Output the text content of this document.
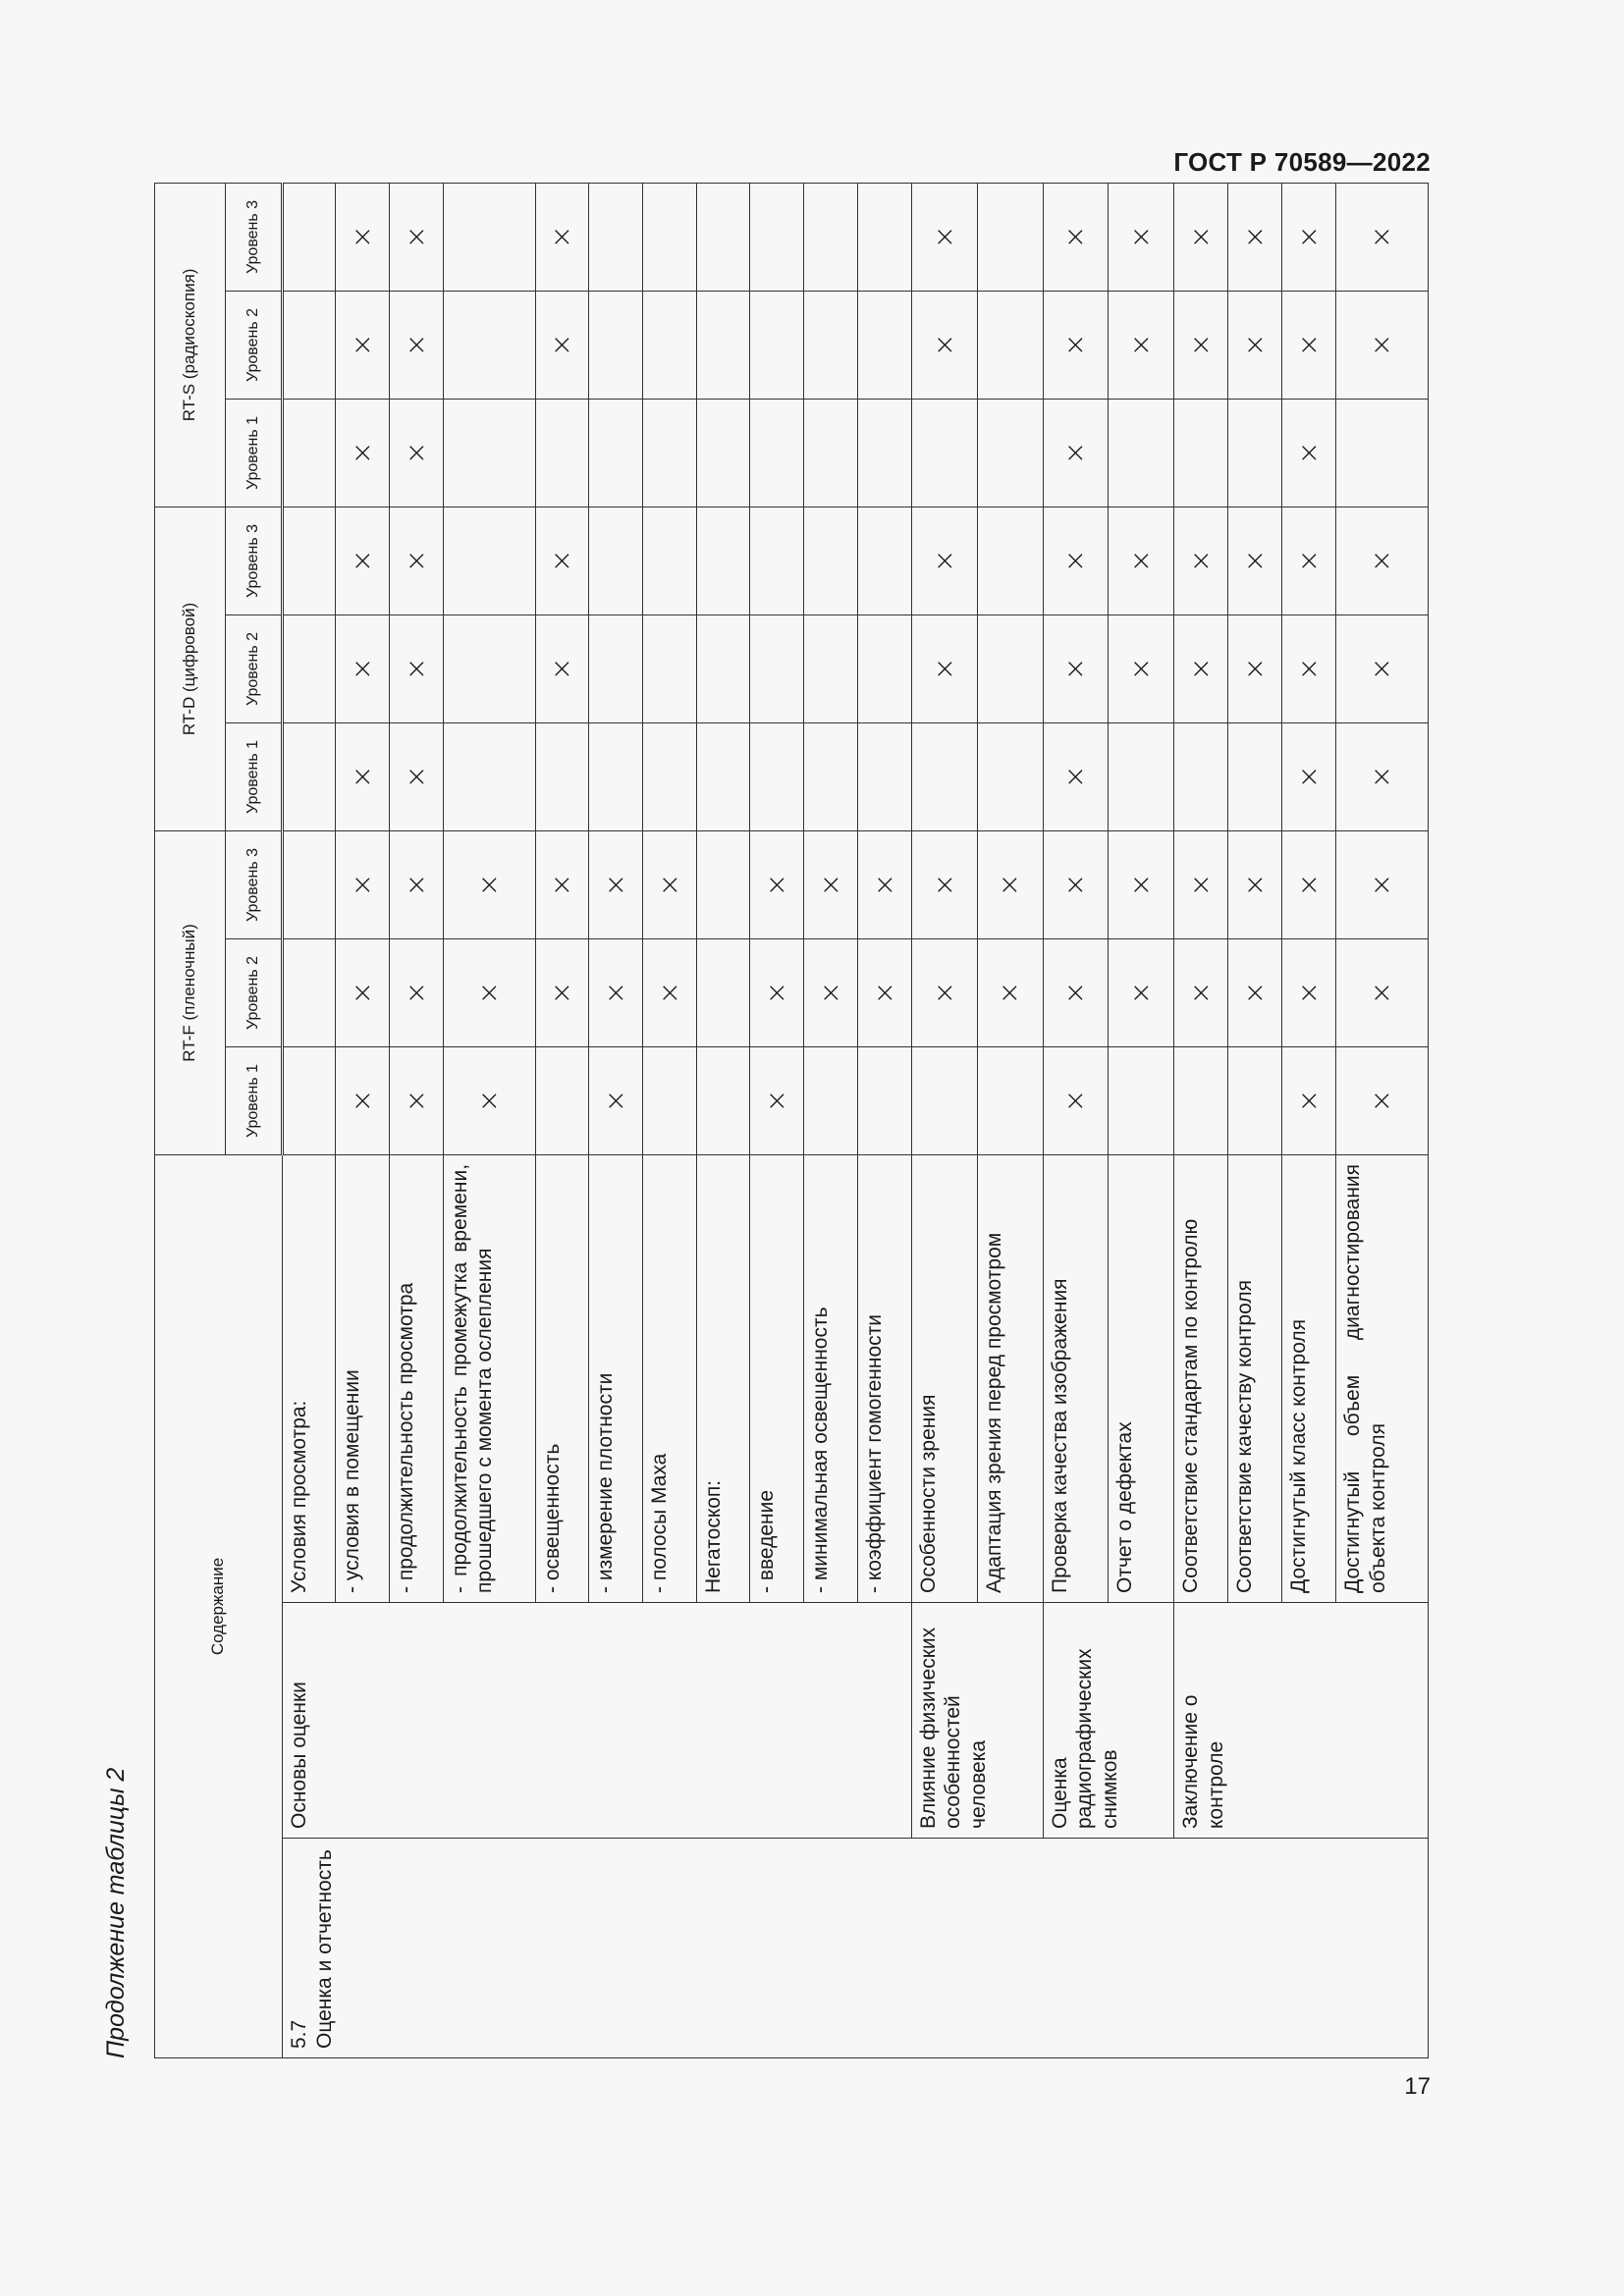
ГОСТ Р 70589—2022
17
Продолжение таблицы 2
Содержание			RT-F (пленочный)			RT-D (цифровой)			RT-S (радиоскопия)		
			Уровень 1	Уровень 2	Уровень 3	Уровень 1	Уровень 2	Уровень 3	Уровень 1	Уровень 2	Уровень 3
5.7
Оценка и отчетность	Основы оценки	Условия просмотра:									
		- условия в помещении	×	×	×	×	×	×	×	×	×
		- продолжительность просмотра	×	×	×	×	×	×	×	×	×
		- продолжительность промежутка времени, прошедшего с момента ослепления	×	×	×						
		- освещенность		×	×		×	×		×	×
		- измерение плотности	×	×	×						
		- полосы Маха		×	×						
		Негатоскоп:									
		- введение	×	×	×						
		- минимальная освещенность		×	×						
		- коэффициент гомогенности		×	×						
	Влияние физических особенностей человека	Особенности зрения		×	×		×	×		×	×
		Адаптация зрения перед просмотром		×	×						
	Оценка радиографических снимков	Проверка качества изображения	×	×	×	×	×	×	×	×	×
		Отчет о дефектах		×	×		×	×		×	×
	Заключение о контроле	Соответствие стандартам по контролю		×	×		×	×		×	×
		Соответствие качеству контроля		×	×		×	×		×	×
		Достигнутый класс контроля	×	×	×	×	×	×	×	×	×
		Достигнутый объем диагностирования объекта контроля	×	×	×	×	×	×		×	×
